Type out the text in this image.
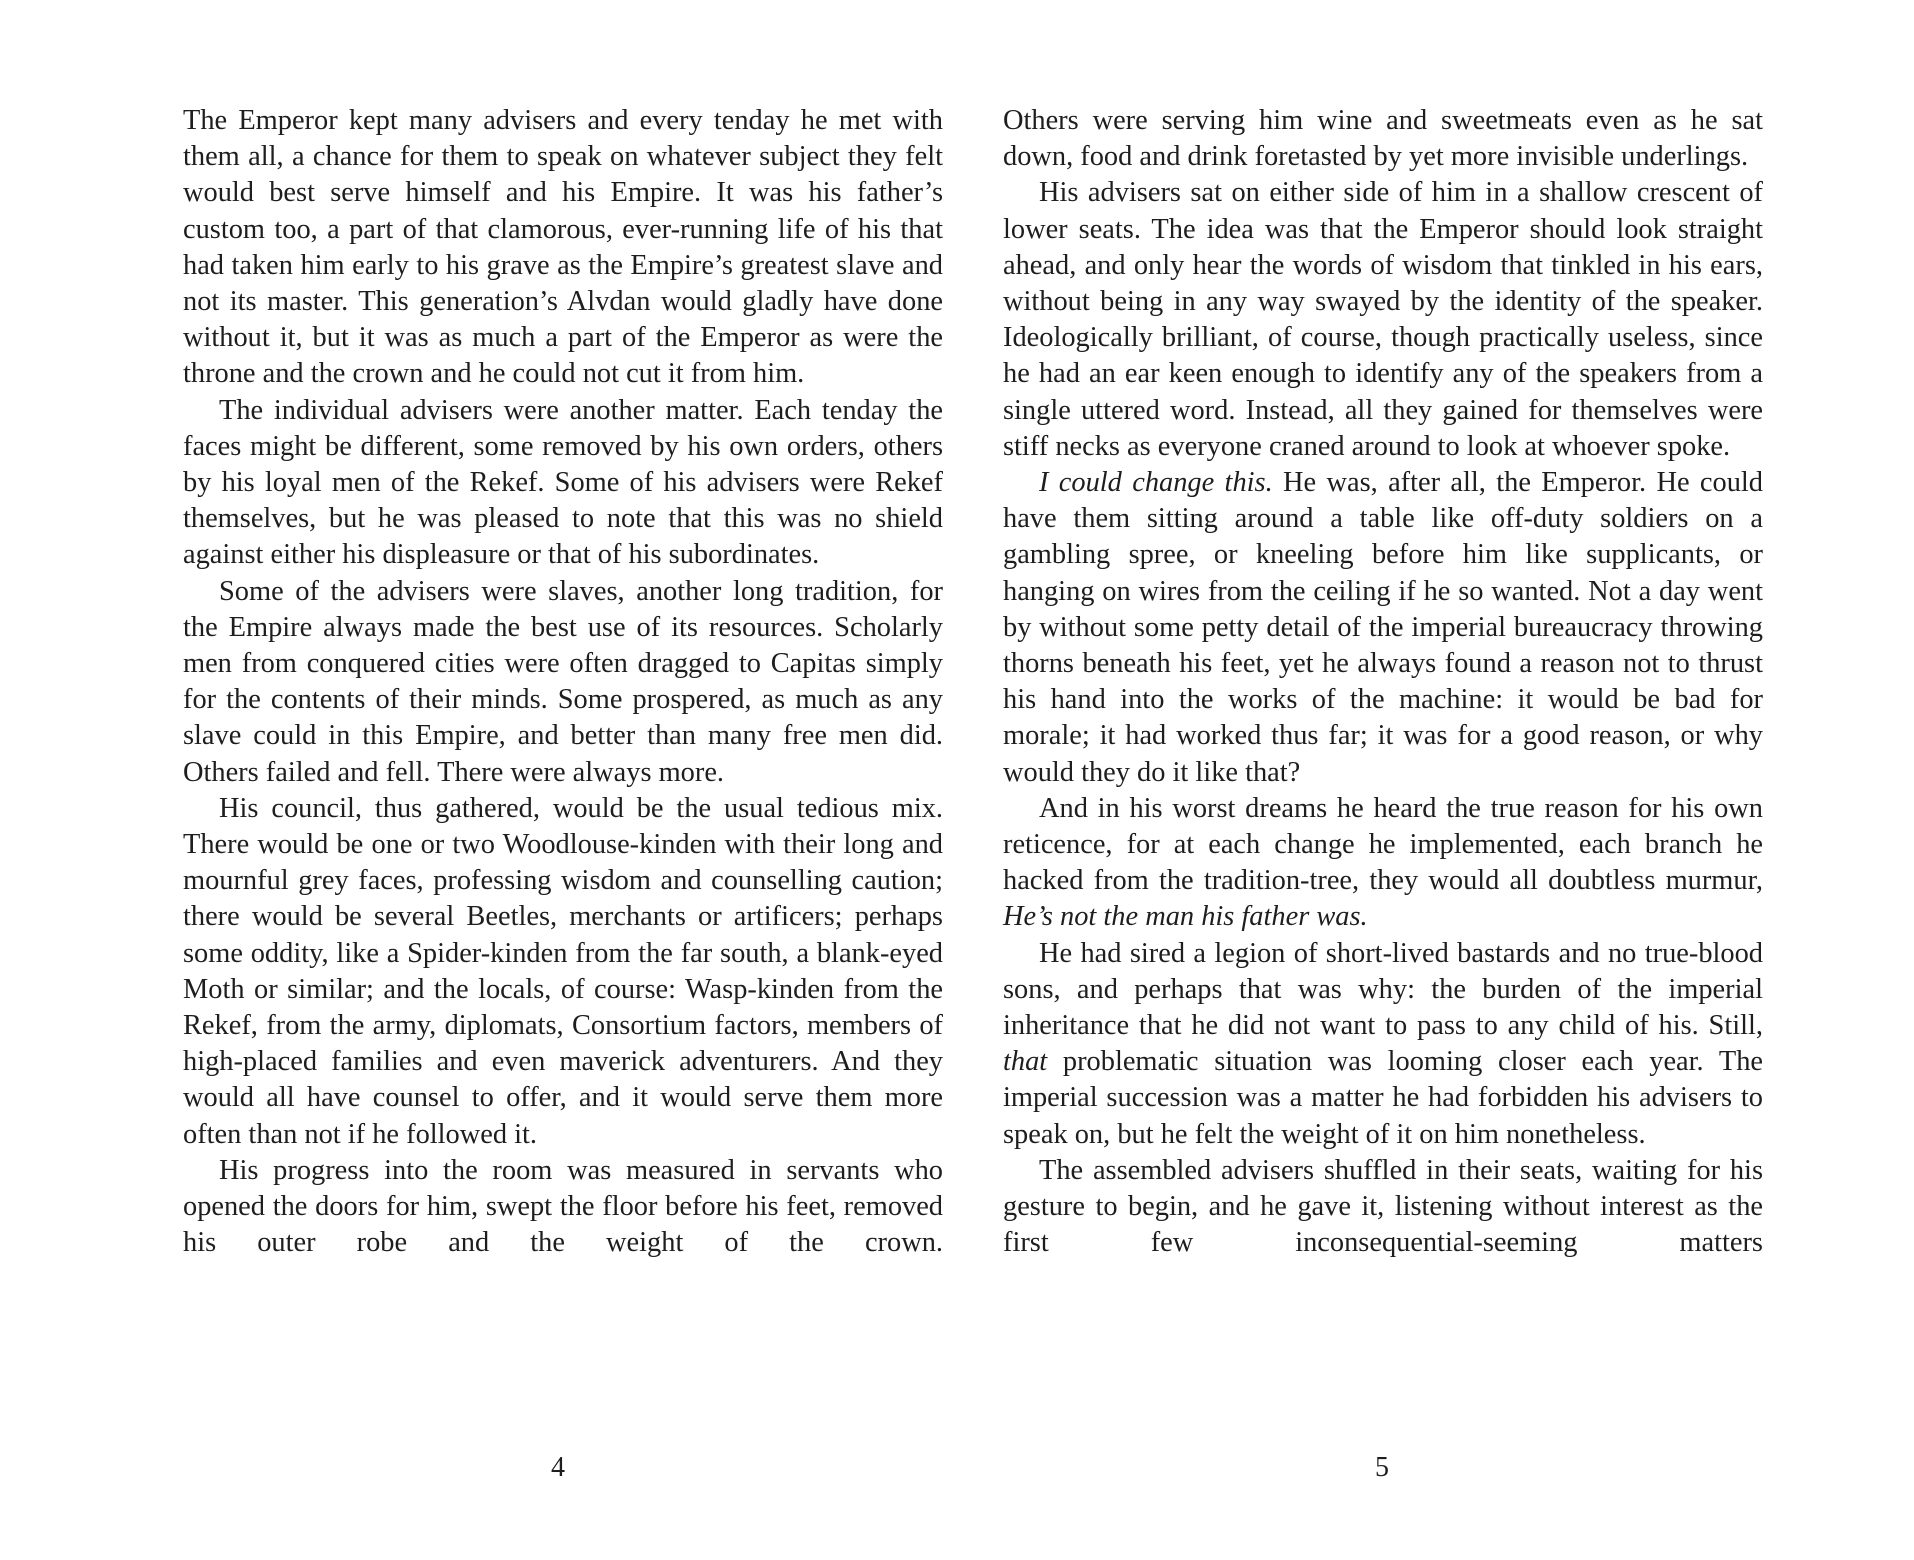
The Emperor kept many advisers and every tenday he met with them all, a chance for them to speak on whatever subject they felt would best serve himself and his Empire. It was his father’s custom too, a part of that clamorous, ever-running life of his that had taken him early to his grave as the Empire’s greatest slave and not its master. This generation’s Alvdan would gladly have done without it, but it was as much a part of the Emperor as were the throne and the crown and he could not cut it from him.

The individual advisers were another matter. Each tenday the faces might be different, some removed by his own orders, others by his loyal men of the Rekef. Some of his advisers were Rekef themselves, but he was pleased to note that this was no shield against either his displeasure or that of his subordinates.

Some of the advisers were slaves, another long tradition, for the Empire always made the best use of its resources. Scholarly men from conquered cities were often dragged to Capitas simply for the contents of their minds. Some prospered, as much as any slave could in this Empire, and better than many free men did. Others failed and fell. There were always more.

His council, thus gathered, would be the usual tedious mix. There would be one or two Woodlouse-kinden with their long and mournful grey faces, professing wisdom and counselling caution; there would be several Beetles, merchants or artificers; perhaps some oddity, like a Spider-kinden from the far south, a blank-eyed Moth or similar; and the locals, of course: Wasp-kinden from the Rekef, from the army, diplomats, Consortium factors, members of high-placed families and even maverick adventurers. And they would all have counsel to offer, and it would serve them more often than not if he followed it.

His progress into the room was measured in servants who opened the doors for him, swept the floor before his feet, removed his outer robe and the weight of the crown.

Others were serving him wine and sweetmeats even as he sat down, food and drink foretasted by yet more invisible underlings.

His advisers sat on either side of him in a shallow crescent of lower seats. The idea was that the Emperor should look straight ahead, and only hear the words of wisdom that tinkled in his ears, without being in any way swayed by the identity of the speaker. Ideologically brilliant, of course, though practically useless, since he had an ear keen enough to identify any of the speakers from a single uttered word. Instead, all they gained for themselves were stiff necks as everyone craned around to look at whoever spoke.

I could change this. He was, after all, the Emperor. He could have them sitting around a table like off-duty soldiers on a gambling spree, or kneeling before him like supplicants, or hanging on wires from the ceiling if he so wanted. Not a day went by without some petty detail of the imperial bureaucracy throwing thorns beneath his feet, yet he always found a reason not to thrust his hand into the works of the machine: it would be bad for morale; it had worked thus far; it was for a good reason, or why would they do it like that?

And in his worst dreams he heard the true reason for his own reticence, for at each change he implemented, each branch he hacked from the tradition-tree, they would all doubtless murmur, He’s not the man his father was.

He had sired a legion of short-lived bastards and no true-blood sons, and perhaps that was why: the burden of the imperial inheritance that he did not want to pass to any child of his. Still, that problematic situation was looming closer each year. The imperial succession was a matter he had forbidden his advisers to speak on, but he felt the weight of it on him nonetheless.

The assembled advisers shuffled in their seats, waiting for his gesture to begin, and he gave it, listening without interest as the first few inconsequential-seeming matters

4	5
